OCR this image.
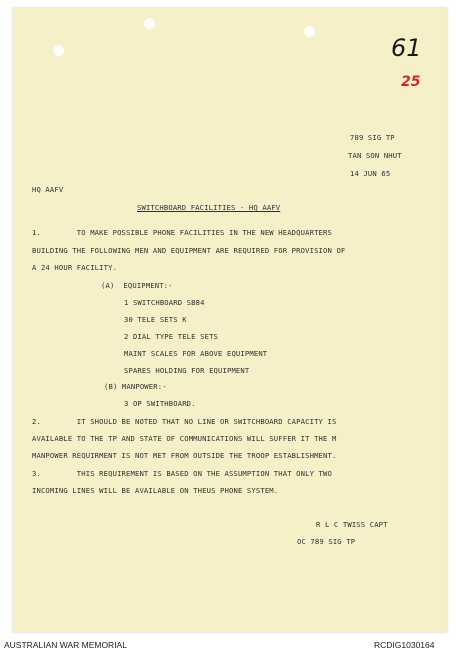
61
25
789 SIG TP
TAN SON NHUT
14 JUN 65
HQ AAFV
SWITCHBOARD FACILITIES - HQ AAFV
1.        TO MAKE POSSIBLE PHONE FACILITIES IN THE NEW HEADQUARTERS
BUILDING THE FOLLOWING MEN AND EQUIPMENT ARE REQUIRED FOR PROVISION OF
A 24 HOUR FACILITY.
(A)  EQUIPMENT:-
1 SWITCHBOARD SB84
30 TELE SETS K
2 DIAL TYPE TELE SETS
MAINT SCALES FOR ABOVE EQUIPMENT
SPARES HOLDING FOR EQUIPMENT
(B) MANPOWER:-
3 OP SWITHBOARD.
2.        IT SHOULD BE NOTED THAT NO LINE OR SWITCHBOARD CAPACITY IS
AVAILABLE TO THE TP AND STATE OF COMMUNICATIONS WILL SUFFER IT THE M
MANPOWER REQUIRMENT IS NOT MET FROM OUTSIDE THE TROOP ESTABLISHMENT.
3.        THIS REQUIREMENT IS BASED ON THE ASSUMPTION THAT ONLY TWO
INCOMING LINES WILL BE AVAILABLE ON THEUS PHONE SYSTEM.
R L C TWISS CAPT
OC 789 SIG TP
AUSTRALIAN WAR MEMORIAL	RCDIG1030164
